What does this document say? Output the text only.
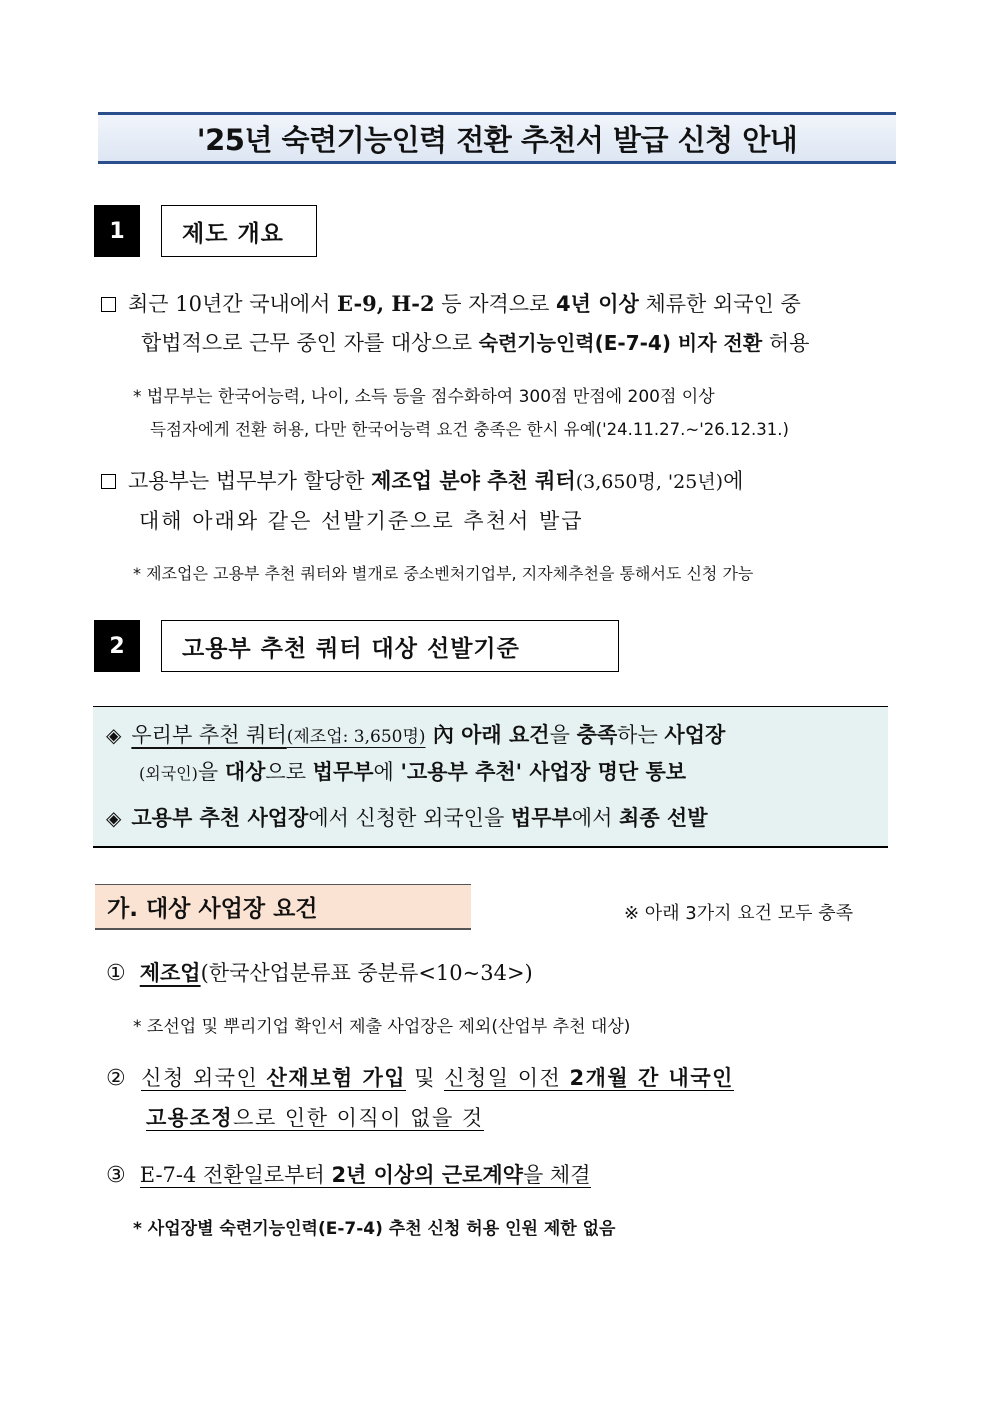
'25년 숙련기능인력 전환 추천서 발급 신청 안내
1	제도 개요
최근 10년간 국내에서 E-9, H-2 등 자격으로 4년 이상 체류한 외국인 중
합법적으로 근무 중인 자를 대상으로 숙련기능인력(E-7-4) 비자 전환 허용
* 법무부는 한국어능력, 나이, 소득 등을 점수화하여 300점 만점에 200점 이상
득점자에게 전환 허용, 다만 한국어능력 요건 충족은 한시 유예('24.11.27.~'26.12.31.)
고용부는 법무부가 할당한 제조업 분야 추천 쿼터(3,650명, '25년)에
대해 아래와 같은 선발기준으로 추천서 발급
* 제조업은 고용부 추천 쿼터와 별개로 중소벤처기업부, 지자체추천을 통해서도 신청 가능
2	고용부 추천 쿼터 대상 선발기준
◈ 우리부 추천 쿼터(제조업: 3,650명) 內 아래 요건을 충족하는 사업장
(외국인)을 대상으로 법무부에 '고용부 추천' 사업장 명단 통보
◈ 고용부 추천 사업장에서 신청한 외국인을 법무부에서 최종 선발
가. 대상 사업장 요건	※ 아래 3가지 요건 모두 충족
① 제조업(한국산업분류표 중분류<10~34>)
* 조선업 및 뿌리기업 확인서 제출 사업장은 제외(산업부 추천 대상)
② 신청 외국인 산재보험 가입 및 신청일 이전 2개월 간 내국인
고용조정으로 인한 이직이 없을 것
③ E-7-4 전환일로부터 2년 이상의 근로계약을 체결
* 사업장별 숙련기능인력(E-7-4) 추천 신청 허용 인원 제한 없음
